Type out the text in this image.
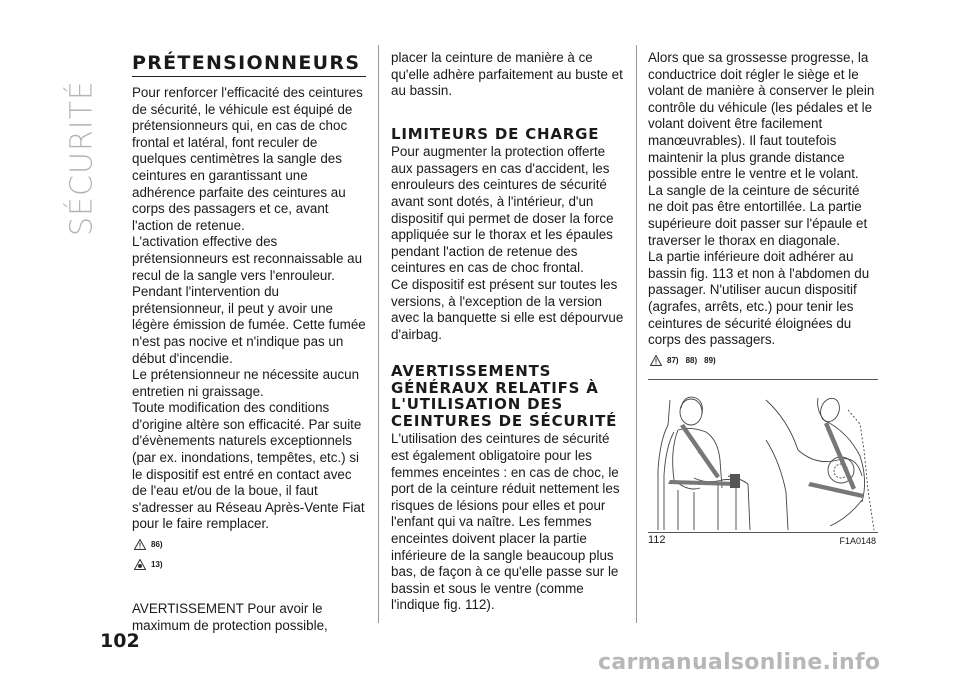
SÉCURITÉ
102
PRÉTENSIONNEURS

Pour renforcer l'efficacité des ceintures de sécurité, le véhicule est équipé de prétensionneurs qui, en cas de choc frontal et latéral, font reculer de quelques centimètres la sangle des ceintures en garantissant une adhérence parfaite des ceintures au corps des passagers et ce, avant l'action de retenue.

L'activation effective des prétensionneurs est reconnaissable au recul de la sangle vers l'enrouleur.

Pendant l'intervention du prétensionneur, il peut y avoir une légère émission de fumée. Cette fumée n'est pas nocive et n'indique pas un début d'incendie.

Le prétensionneur ne nécessite aucun entretien ni graissage.

Toute modification des conditions d'origine altère son efficacité. Par suite d'évènements naturels exceptionnels (par ex. inondations, tempêtes, etc.) si le dispositif est entré en contact avec de l'eau et/ou de la boue, il faut s'adresser au Réseau Après-Vente Fiat pour le faire remplacer.

86)
13)

AVERTISSEMENT Pour avoir le maximum de protection possible,

placer la ceinture de manière à ce qu'elle adhère parfaitement au buste et au bassin.

LIMITEURS DE CHARGE

Pour augmenter la protection offerte aux passagers en cas d'accident, les enrouleurs des ceintures de sécurité avant sont dotés, à l'intérieur, d'un dispositif qui permet de doser la force appliquée sur le thorax et les épaules pendant l'action de retenue des ceintures en cas de choc frontal.

Ce dispositif est présent sur toutes les versions, à l'exception de la version avec la banquette si elle est dépourvue d'airbag.

AVERTISSEMENTS GÉNÉRAUX RELATIFS À L'UTILISATION DES CEINTURES DE SÉCURITÉ

L'utilisation des ceintures de sécurité est également obligatoire pour les femmes enceintes : en cas de choc, le port de la ceinture réduit nettement les risques de lésions pour elles et pour l'enfant qui va naître. Les femmes enceintes doivent placer la partie inférieure de la sangle beaucoup plus bas, de façon à ce qu'elle passe sur le bassin et sous le ventre (comme l'indique fig. 112).

Alors que sa grossesse progresse, la conductrice doit régler le siège et le volant de manière à conserver le plein contrôle du véhicule (les pédales et le volant doivent être facilement manœuvrables). Il faut toutefois maintenir la plus grande distance possible entre le ventre et le volant.

La sangle de la ceinture de sécurité ne doit pas être entortillée. La partie supérieure doit passer sur l'épaule et traverser le thorax en diagonale.

La partie inférieure doit adhérer au bassin fig. 113 et non à l'abdomen du passager. N'utiliser aucun dispositif (agrafes, arrêts, etc.) pour tenir les ceintures de sécurité éloignées du corps des passagers.

87) 88) 89)
112	F1A0148
carmanualsonline.info
